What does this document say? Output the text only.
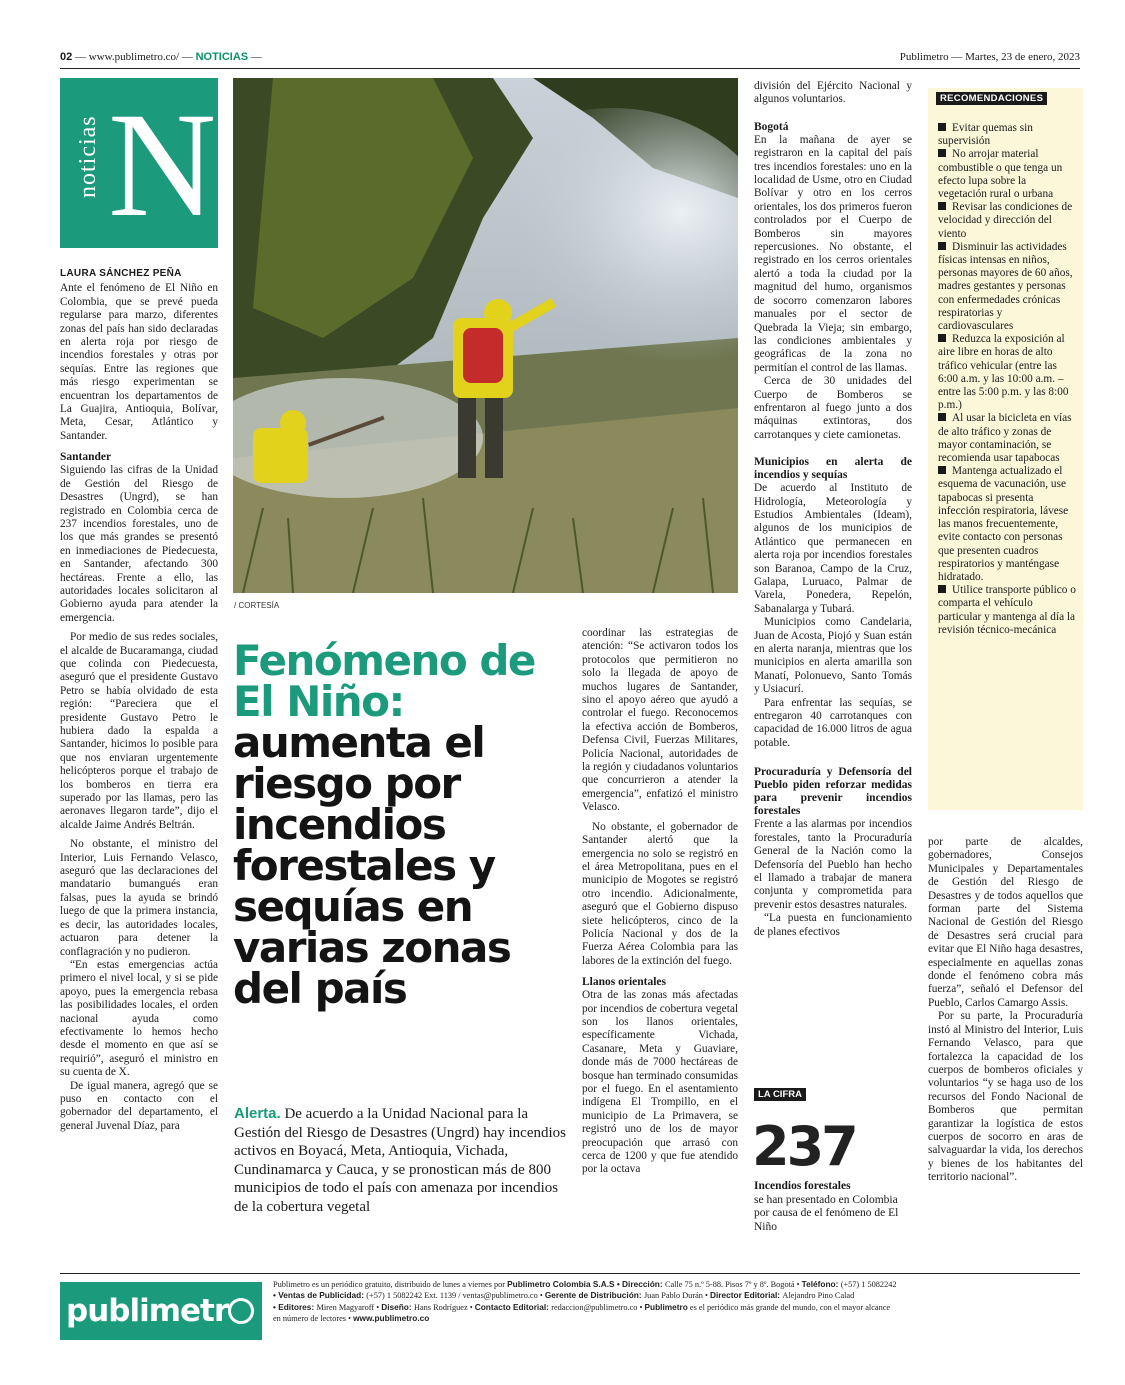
02 — www.publimetro.co/ — NOTICIAS —	Publimetro — Martes, 23 de enero, 2023
noticias N
/ CORTESÍA
LAURA SÁNCHEZ PEÑA

Ante el fenómeno de El Niño en Colombia, que se prevé pueda regularse para marzo, diferentes zonas del país han sido declaradas en alerta roja por riesgo de incendios forestales y otras por sequías. Entre las regiones que más riesgo experimentan se encuentran los departamentos de La Guajira, Antioquia, Bolívar, Meta, Cesar, Atlántico y Santander.

Santander

Siguiendo las cifras de la Unidad de Gestión del Riesgo de Desastres (Ungrd), se han registrado en Colombia cerca de 237 incendios forestales, uno de los que más grandes se presentó en inmediaciones de Piedecuesta, en Santander, afectando 300 hectáreas. Frente a ello, las autoridades locales solicitaron al Gobierno ayuda para atender la emergencia.

Por medio de sus redes sociales, el alcalde de Bucaramanga, ciudad que colinda con Piedecuesta, aseguró que el presidente Gustavo Petro se había olvidado de esta región: “Pareciera que el presidente Gustavo Petro le hubiera dado la espalda a Santander, hicimos lo posible para que nos enviaran urgentemente helicópteros porque el trabajo de los bomberos en tierra era superado por las llamas, pero las aeronaves llegaron tarde”, dijo el alcalde Jaime Andrés Beltrán.

No obstante, el ministro del Interior, Luis Fernando Velasco, aseguró que las declaraciones del mandatario bumangués eran falsas, pues la ayuda se brindó luego de que la primera instancia, es decir, las autoridades locales, actuaron para detener la conflagración y no pudieron.

“En estas emergencias actúa primero el nivel local, y si se pide apoyo, pues la emergencia rebasa las posibilidades locales, el orden nacional ayuda como efectivamente lo hemos hecho desde el momento en que así se requirió”, aseguró el ministro en su cuenta de X.

De igual manera, agregó que se puso en contacto con el gobernador del departamento, el general Juvenal Díaz, para

Fenómeno de El Niño:
aumenta el riesgo por incendios forestales y sequías en varias zonas del país
Alerta. De acuerdo a la Unidad Nacional para la Gestión del Riesgo de Desastres (Ungrd) hay incendios activos en Boyacá, Meta, Antioquia, Vichada, Cundinamarca y Cauca, y se pronostican más de 800 municipios de todo el país con amenaza por incendios de la cobertura vegetal

coordinar las estrategias de atención: “Se activaron todos los protocolos que permitieron no solo la llegada de apoyo de muchos lugares de Santander, sino el apoyo aéreo que ayudó a controlar el fuego. Reconocemos la efectiva acción de Bomberos, Defensa Civil, Fuerzas Militares, Policía Nacional, autoridades de la región y ciudadanos voluntarios que concurrieron a atender la emergencia”, enfatizó el ministro Velasco.

No obstante, el gobernador de Santander alertó que la emergencia no solo se registró en el área Metropolitana, pues en el municipio de Mogotes se registró otro incendio. Adicionalmente, aseguró que el Gobierno dispuso siete helicópteros, cinco de la Policía Nacional y dos de la Fuerza Aérea Colombia para las labores de la extinción del fuego.

Llanos orientales

Otra de las zonas más afectadas por incendios de cobertura vegetal son los llanos orientales, específicamente Vichada, Casanare, Meta y Guaviare, donde más de 7000 hectáreas de bosque han terminado consumidas por el fuego. En el asentamiento indígena El Trompillo, en el municipio de La Primavera, se registró uno de los de mayor preocupación que arrasó con cerca de 1200 y que fue atendido por la octava

división del Ejército Nacional y algunos voluntarios.

Bogotá

En la mañana de ayer se registraron en la capital del país tres incendios forestales: uno en la localidad de Usme, otro en Ciudad Bolívar y otro en los cerros orientales, los dos primeros fueron controlados por el Cuerpo de Bomberos sin mayores repercusiones. No obstante, el registrado en los cerros orientales alertó a toda la ciudad por la magnitud del humo, organismos de socorro comenzaron labores manuales por el sector de Quebrada la Vieja; sin embargo, las condiciones ambientales y geográficas de la zona no permitían el control de las llamas.

Cerca de 30 unidades del Cuerpo de Bomberos se enfrentaron al fuego junto a dos máquinas extintoras, dos carrotanques y ciete camionetas.

Municipios en alerta de incendios y sequías

De acuerdo al Instituto de Hidrología, Meteorología y Estudios Ambientales (Ideam), algunos de los municipios de Atlántico que permanecen en alerta roja por incendios forestales son Baranoa, Campo de la Cruz, Galapa, Luruaco, Palmar de Varela, Ponedera, Repelón, Sabanalarga y Tubará.

Municipios como Candelaria, Juan de Acosta, Piojó y Suan están en alerta naranja, mientras que los municipios en alerta amarilla son Manatí, Polonuevo, Santo Tomás y Usiacurí.

Para enfrentar las sequías, se entregaron 40 carrotanques con capacidad de 16.000 litros de agua potable.

Procuraduría y Defensoría del Pueblo piden reforzar medidas para prevenir incendios forestales

Frente a las alarmas por incendios forestales, tanto la Procuraduría General de la Nación como la Defensoría del Pueblo han hecho el llamado a trabajar de manera conjunta y comprometida para prevenir estos desastres naturales.

“La puesta en funcionamiento de planes efectivos

RECOMENDACIONES
Evitar quemas sin supervisión
No arrojar material combustible o que tenga un efecto lupa sobre la vegetación rural o urbana
Revisar las condiciones de velocidad y dirección del viento
Disminuir las actividades físicas intensas en niños, personas mayores de 60 años, madres gestantes y personas con enfermedades crónicas respiratorias y cardiovasculares
Reduzca la exposición al aire libre en horas de alto tráfico vehicular (entre las 6:00 a.m. y las 10:00 a.m. – entre las 5:00 p.m. y las 8:00 p.m.)
Al usar la bicicleta en vías de alto tráfico y zonas de mayor contaminación, se recomienda usar tapabocas
Mantenga actualizado el esquema de vacunación, use tapabocas si presenta infección respiratoria, lávese las manos frecuentemente, evite contacto con personas que presenten cuadros respiratorios y manténgase hidratado.
Utilice transporte público o comparta el vehículo particular y mantenga al día la revisión técnico-mecánica

por parte de alcaldes, gobernadores, Consejos Municipales y Departamentales de Gestión del Riesgo de Desastres y de todos aquellos que forman parte del Sistema Nacional de Gestión del Riesgo de Desastres será crucial para evitar que El Niño haga desastres, especialmente en aquellas zonas donde el fenómeno cobra más fuerza”, señaló el Defensor del Pueblo, Carlos Camargo Assis.

Por su parte, la Procuraduría instó al Ministro del Interior, Luis Fernando Velasco, para que fortalezca la capacidad de los cuerpos de bomberos oficiales y voluntarios “y se haga uso de los recursos del Fondo Nacional de Bomberos que permitan garantizar la logística de estos cuerpos de socorro en aras de salvaguardar la vida, los derechos y bienes de los habitantes del territorio nacional”.

LA CIFRA
237
Incendios forestales
se han presentado en Colombia por causa de el fenómeno de El Niño
publimetr
Publimetro es un periódico gratuito, distribuido de lunes a viernes por Publimetro Colombia S.A.S • Dirección: Calle 75 n.º 5-88. Pisos 7º y 8º. Bogotá • Teléfono: (+57) 1 5082242
• Ventas de Publicidad: (+57) 1 5082242 Ext. 1139 / ventas@publimetro.co • Gerente de Distribución: Juan Pablo Durán • Director Editorial: Alejandro Pino Calad
• Editores: Miren Magyaroff • Diseño: Hans Rodríguez • Contacto Editorial: redaccion@publimetro.co • Publimetro es el periódico más grande del mundo, con el mayor alcance
en número de lectores • www.publimetro.co
